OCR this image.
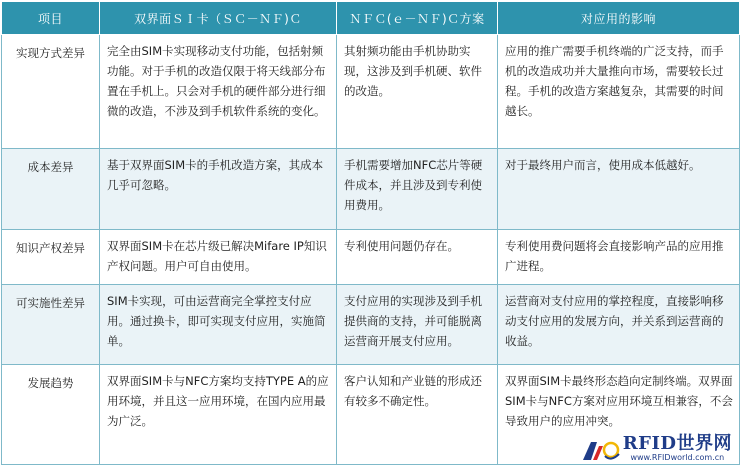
项目	双界面ＳＩ卡（ＳＣ－ＮＦ)Ｃ	ＮＦＣ(ｅ－ＮＦ)Ｃ方案	对应用的影响
实现方式差异	完全由SIM卡实现移动支付功能，包括射频功能。对于手机的改造仅限于将天线部分布置在手机上。只会对手机的硬件部分进行细微的改造，不涉及到手机软件系统的变化。	其射频功能由手机协助实现，这涉及到手机硬、软件的改造。	应用的推广需要手机终端的广泛支持，而手机的改造成功并大量推向市场，需要较长过程。手机的改造方案越复杂，其需要的时间越长。
成本差异	基于双界面SIM卡的手机改造方案，其成本几乎可忽略。	手机需要增加NFC芯片等硬件成本，并且涉及到专利使用费用。	对于最终用户而言，使用成本低越好。
知识产权差异	双界面SIM卡在芯片级已解决Mifare IP知识产权问题。用户可自由使用。	专利使用问题仍存在。	专利使用费问题将会直接影响产品的应用推广进程。
可实施性差异	SIM卡实现，可由运营商完全掌控支付应用。通过换卡，即可实现支付应用，实施简单。	支付应用的实现涉及到手机提供商的支持，并可能脱离运营商开展支付应用。	运营商对支付应用的掌控程度，直接影响移动支付应用的发展方向，并关系到运营商的收益。
发展趋势	双界面SIM卡与NFC方案均支持TYPE A的应用环境，并且这一应用环境，在国内应用最为广泛。	客户认知和产业链的形成还有较多不确定性。	双界面SIM卡最终形态趋向定制终端。双界面SIM卡与NFC方案对应用环境互相兼容，不会导致用户的应用冲突。
RFID世界网
www.RFIDworld.com.cn
